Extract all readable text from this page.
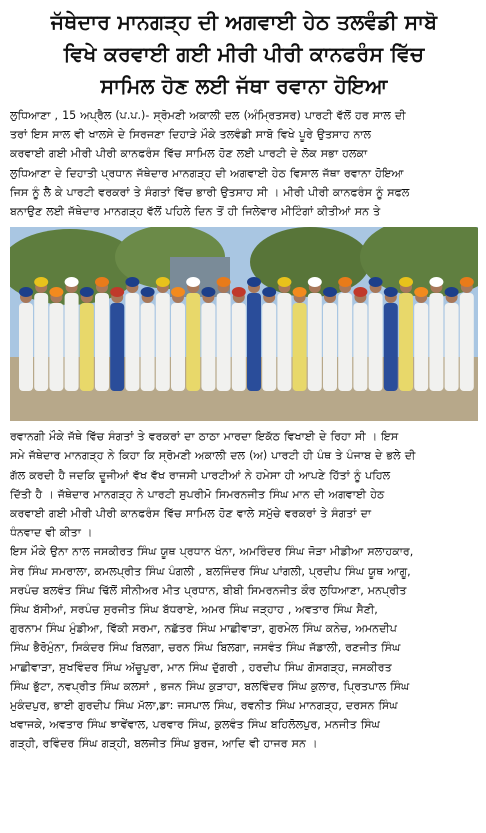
ਜੱਥੇਦਾਰ ਮਾਨਗੜ੍ਹ ਦੀ ਅਗਵਾਈ ਹੇਠ ਤਲਵੰਡੀ ਸਾਬੋ
ਵਿਖੇ ਕਰਵਾਈ ਗਈ ਮੀਰੀ ਪੀਰੀ ਕਾਨਫਰੰਸ ਵਿੱਚ
ਸਾਮਿਲ ਹੋਣ ਲਈ ਜੱਥਾ ਰਵਾਨਾ ਹੋਇਆ

ਲੁਧਿਆਣਾ , 15 ਅਪ੍ਰੈਲ (ਪ.ਪ.)- ਸ੍ਰੋਮਣੀ ਅਕਾਲੀ ਦਲ (ਅੰਮ੍ਰਿਤਸਰ) ਪਾਰਟੀ ਵੱਲੋਂ ਹਰ ਸਾਲ ਦੀ
ਤਰਾਂ ਇਸ ਸਾਲ ਵੀ ਖਾਲਸੇ ਦੇ ਸਿਰਜਣਾ ਦਿਹਾੜੇ ਮੌਕੇ ਤਲਵੰਡੀ ਸਾਬੋ ਵਿਖੇ ਪੂਰੇ ਉਤਸਾਹ ਨਾਲ
ਕਰਵਾਈ ਗਈ ਮੀਰੀ ਪੀਰੀ ਕਾਨਫਰੰਸ ਵਿੱਚ ਸਾਮਿਲ ਹੋਣ ਲਈ ਪਾਰਟੀ ਦੇ ਲੋਕ ਸਭਾ ਹਲਕਾ
ਲੁਧਿਆਣਾ ਦੇ ਦਿਹਾਤੀ ਪ੍ਰਧਾਨ ਜੱਥੇਦਾਰ ਮਾਨਗੜ੍ਹ ਦੀ ਅਗਵਾਈ ਹੇਠ ਵਿਸਾਲ ਜੱਥਾ ਰਵਾਨਾ ਹੋਇਆ
ਜਿਸ ਨੂੰ ਲੈ ਕੇ ਪਾਰਟੀ ਵਰਕਰਾਂ ਤੇ ਸੰਗਤਾਂ ਵਿੱਚ ਭਾਰੀ ਉਤਸਾਹ ਸੀ । ਮੀਰੀ ਪੀਰੀ ਕਾਨਫਰੰਸ ਨੂੰ ਸਫਲ
ਬਨਾਉਣ ਲਈ ਜੱਥੇਦਾਰ ਮਾਨਗੜ੍ਹ ਵੱਲੋਂ ਪਹਿਲੇ ਦਿਨ ਤੋਂ ਹੀ ਜਿਲੇਵਾਰ ਮੀਟਿੰਗਾਂ ਕੀਤੀਆਂ ਸਨ ਤੇ

ਰਵਾਨਗੀ ਮੌਕੇ ਜੱਥੇ ਵਿੱਚ ਸੰਗਤਾਂ ਤੇ ਵਰਕਰਾਂ ਦਾ ਠਾਠਾ ਮਾਰਦਾ ਇਕੱਠ ਵਿਖਾਈ ਦੇ ਰਿਹਾ ਸੀ । ਇਸ
ਸਮੇ ਜੱਥੇਦਾਰ ਮਾਨਗੜ੍ਹ ਨੇ ਕਿਹਾ ਕਿ ਸ੍ਰੋਮਣੀ ਅਕਾਲੀ ਦਲ (ਅ) ਪਾਰਟੀ ਹੀ ਪੰਥ ਤੇ ਪੰਜਾਬ ਦੇ ਭਲੇ ਦੀ
ਗੱਲ ਕਰਦੀ ਹੈ ਜਦਕਿ ਦੂਜੀਆਂ ਵੱਖ ਵੱਖ ਰਾਜਸੀ ਪਾਰਟੀਆਂ ਨੇ ਹਮੇਸਾ ਹੀ ਆਪਣੇ ਹਿੱਤਾਂ ਨੂੰ ਪਹਿਲ
ਦਿੱਤੀ ਹੈ । ਜੱਥੇਦਾਰ ਮਾਨਗੜ੍ਹ ਨੇ ਪਾਰਟੀ ਸੁਪਰੀਮੋ ਸਿਮਰਨਜੀਤ ਸਿੰਘ ਮਾਨ ਦੀ ਅਗਵਾਈ ਹੇਠ
ਕਰਵਾਈ ਗਈ ਮੀਰੀ ਪੀਰੀ ਕਾਨਫਰੰਸ ਵਿੱਚ ਸਾਮਿਲ ਹੋਣ ਵਾਲੇ ਸਮੁੱਚੇ ਵਰਕਰਾਂ ਤੇ ਸੰਗਤਾਂ ਦਾ
ਧੰਨਵਾਦ ਵੀ ਕੀਤਾ ।

ਇਸ ਮੌਕੇ ਉਨਾ ਨਾਲ ਜਸਕੀਰਤ ਸਿੰਘ ਯੂਥ ਪ੍ਰਧਾਨ ਖੰਨਾ, ਅਮਰਿੰਦਰ ਸਿੰਘ ਜੋੜਾ ਮੀਡੀਆ ਸਲਾਹਕਾਰ,
ਸੇਰ ਸਿੰਘ ਸਮਰਾਲਾ, ਕਮਲਪ੍ਰੀਤ ਸਿੰਘ ਪੰਗਲੀ , ਬਲਜਿੰਦਰ ਸਿੰਘ ਪਾਂਗਲੀ, ਪ੍ਰਦੀਪ ਸਿੰਘ ਯੂਥ ਆਗੂ,
ਸਰਪੰਚ ਬਲਵੰਤ ਸਿੰਘ ਢਿੱਲੋਂ ਸੀਨੀਅਰ ਮੀਤ ਪ੍ਰਧਾਨ, ਬੀਬੀ ਸਿਮਰਨਜੀਤ ਕੌਰ ਲੁਧਿਆਣਾ, ਮਨਪ੍ਰੀਤ
ਸਿੰਘ ਬੱਸੀਆਂ, ਸਰਪੰਚ ਸੁਰਜੀਤ ਸਿੰਘ ਬੱਧਰਾਏ, ਅਮਰ ਸਿੰਘ ਜੜ੍ਹਾਹ , ਅਵਤਾਰ ਸਿੰਘ ਸੈਣੀ,
ਗੁਰਨਾਮ ਸਿੰਘ ਮੁੰਡੀਆ, ਵਿੱਕੀ ਸਰਮਾ, ਨਛੱਤਰ ਸਿੰਘ ਮਾਛੀਵਾੜਾ, ਗੁਰਮੇਲ ਸਿੰਘ ਕਨੇਚ, ਅਮਨਦੀਪ
ਸਿੰਘ ਭੈਰੋਮੁੰਨਾ, ਸਿਕੰਦਰ ਸਿੰਘ ਬਿਲਗਾ, ਚਰਨ ਸਿੰਘ ਬਿਲਗਾ, ਜਸਵੰਤ ਸਿੰਘ ਜੱਡਾਲੀ, ਰਣਜੀਤ ਸਿੰਘ
ਮਾਛੀਵਾੜਾ, ਸੁਖਵਿੰਦਰ ਸਿੰਘ ਅੱਚੂਪੁਰਾ, ਮਾਨ ਸਿੰਘ ਦੁੱਗਰੀ , ਹਰਦੀਪ ਸਿੰਘ ਗੋਸਗੜ੍ਹ, ਜਸਕੀਰਤ
ਸਿੰਘ ਭੁੱਟਾ, ਨਵਪ੍ਰੀਤ ਸਿੰਘ ਕਲਸਾਂ , ਭਜਨ ਸਿੰਘ ਕੁੜਾਹਾ, ਬਲਵਿੰਦਰ ਸਿੰਘ ਕੁਲਾਰ, ਪ੍ਰਿਤਪਾਲ ਸਿੰਘ
ਮੁਕੰਦਪੁਰ, ਭਾਈ ਗੁਰਦੀਪ ਸਿੰਘ ਮੱਲਾ,ਡਾ: ਜਸਪਾਲ ਸਿੰਘ, ਰਵਨੀਤ ਸਿੰਘ ਮਾਨਗੜ੍ਹ, ਦਰਸਨ ਸਿੰਘ
ਖਵਾਜਕੇ, ਅਵਤਾਰ ਸਿੰਘ ਝਾਵੇਂਵਾਲ, ਪਰਵਾਰ ਸਿੰਘ, ਕੁਲਵੰਤ ਸਿੰਘ ਬਹਿਲੋਲਪੁਰ, ਮਨਜੀਤ ਸਿੰਘ
ਗੜ੍ਹੀ, ਰਵਿੰਦਰ ਸਿੰਘ ਗੜ੍ਹੀ, ਬਲਜੀਤ ਸਿੰਘ ਬੁਰਜ, ਆਦਿ ਵੀ ਹਾਜਰ ਸਨ ।
